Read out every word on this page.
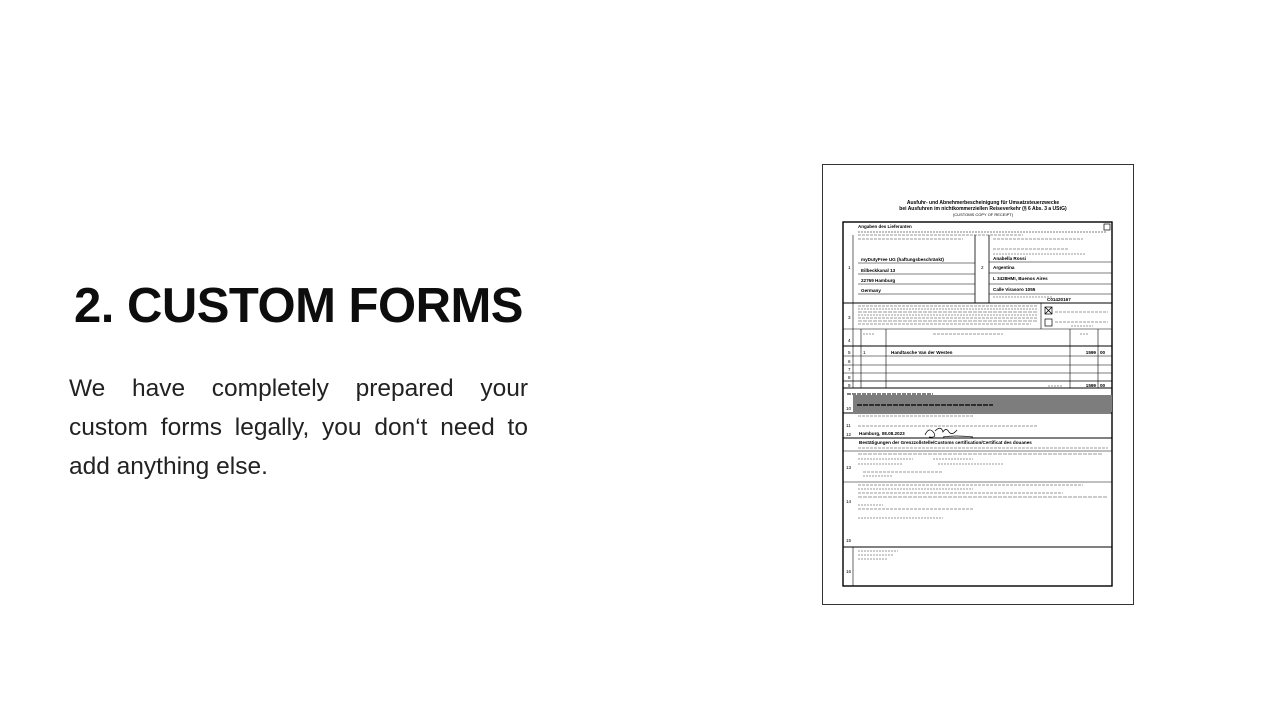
2. CUSTOM FORMS

We have completely prepared your custom forms legally, you don‘t need to add anything else.

Ausfuhr- und Abnehmerbescheinigung für Umsatzsteuerzwecke
bei Ausfuhren im nichtkommerziellen Reiseverkehr (§ 6 Abs. 3 a UStG)
(CUSTOMS COPY OF RECEIPT)
Angaben des Lieferanten
myDutyFree UG (haftungsbeschränkt)
Eilbeckkanal 13
22769 Hamburg
Germany
Anabella Rossi
Argentina
L 3428HMI, Buenos Aires
Calle Virasoro 1055
C01420167
1	Handtasche Van der Westen	1599 00
1599 00
Hamburg, 08.08.2023
Bestätigungen der Grenzzollstelle/Customs certification/Certificat des douanes
1	2
3
4
5
6
7
8
9
10
11
12
13
14
15
16
